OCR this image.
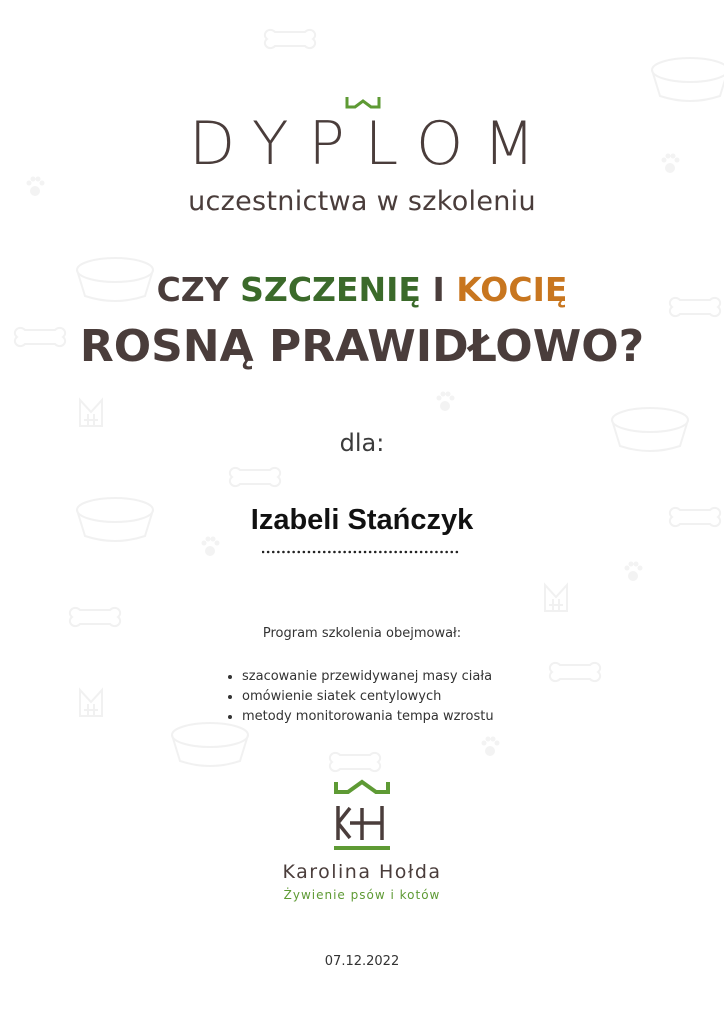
DYPLOM
uczestnictwa w szkoleniu
CZY SZCZENIĘ I KOCIĘ
ROSNĄ PRAWIDŁOWO?
dla:
Izabeli Stańczyk
Program szkolenia obejmował:
• szacowanie przewidywanej masy ciała
• omówienie siatek centylowych
• metody monitorowania tempa wzrostu
Karolina Hołda
Żywienie psów i kotów
07.12.2022
